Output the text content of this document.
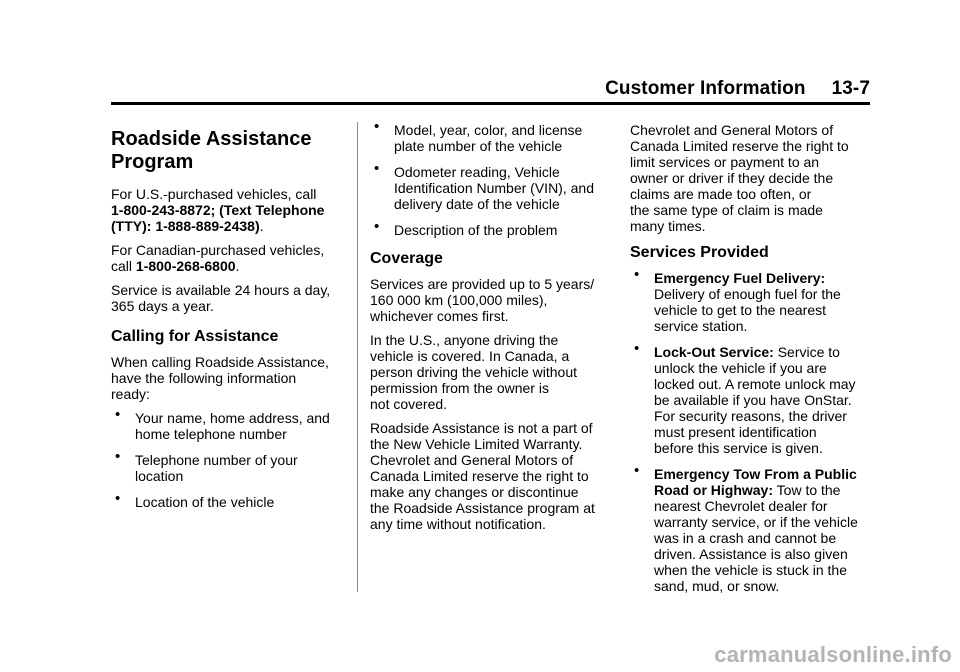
Customer Information 13-7
Roadside Assistance
Program

For U.S.-purchased vehicles, call
1-800-243-8872; (Text Telephone
(TTY): 1-888-889-2438).

For Canadian-purchased vehicles,
call 1-800-268-6800.

Service is available 24 hours a day,
365 days a year.

Calling for Assistance

When calling Roadside Assistance,
have the following information
ready:

• Your name, home address, and
home telephone number
• Telephone number of your
location
• Location of the vehicle
• Model, year, color, and license
plate number of the vehicle
• Odometer reading, Vehicle
Identification Number (VIN), and
delivery date of the vehicle
• Description of the problem
Coverage

Services are provided up to 5 years/
160 000 km (100,000 miles),
whichever comes first.

In the U.S., anyone driving the
vehicle is covered. In Canada, a
person driving the vehicle without
permission from the owner is
not covered.

Roadside Assistance is not a part of
the New Vehicle Limited Warranty.
Chevrolet and General Motors of
Canada Limited reserve the right to
make any changes or discontinue
the Roadside Assistance program at
any time without notification.

Chevrolet and General Motors of
Canada Limited reserve the right to
limit services or payment to an
owner or driver if they decide the
claims are made too often, or
the same type of claim is made
many times.

Services Provided
• Emergency Fuel Delivery:
Delivery of enough fuel for the
vehicle to get to the nearest
service station.
• Lock-Out Service: Service to
unlock the vehicle if you are
locked out. A remote unlock may
be available if you have OnStar.
For security reasons, the driver
must present identification
before this service is given.
• Emergency Tow From a Public
Road or Highway: Tow to the
nearest Chevrolet dealer for
warranty service, or if the vehicle
was in a crash and cannot be
driven. Assistance is also given
when the vehicle is stuck in the
sand, mud, or snow.
carmanualsonline.info
